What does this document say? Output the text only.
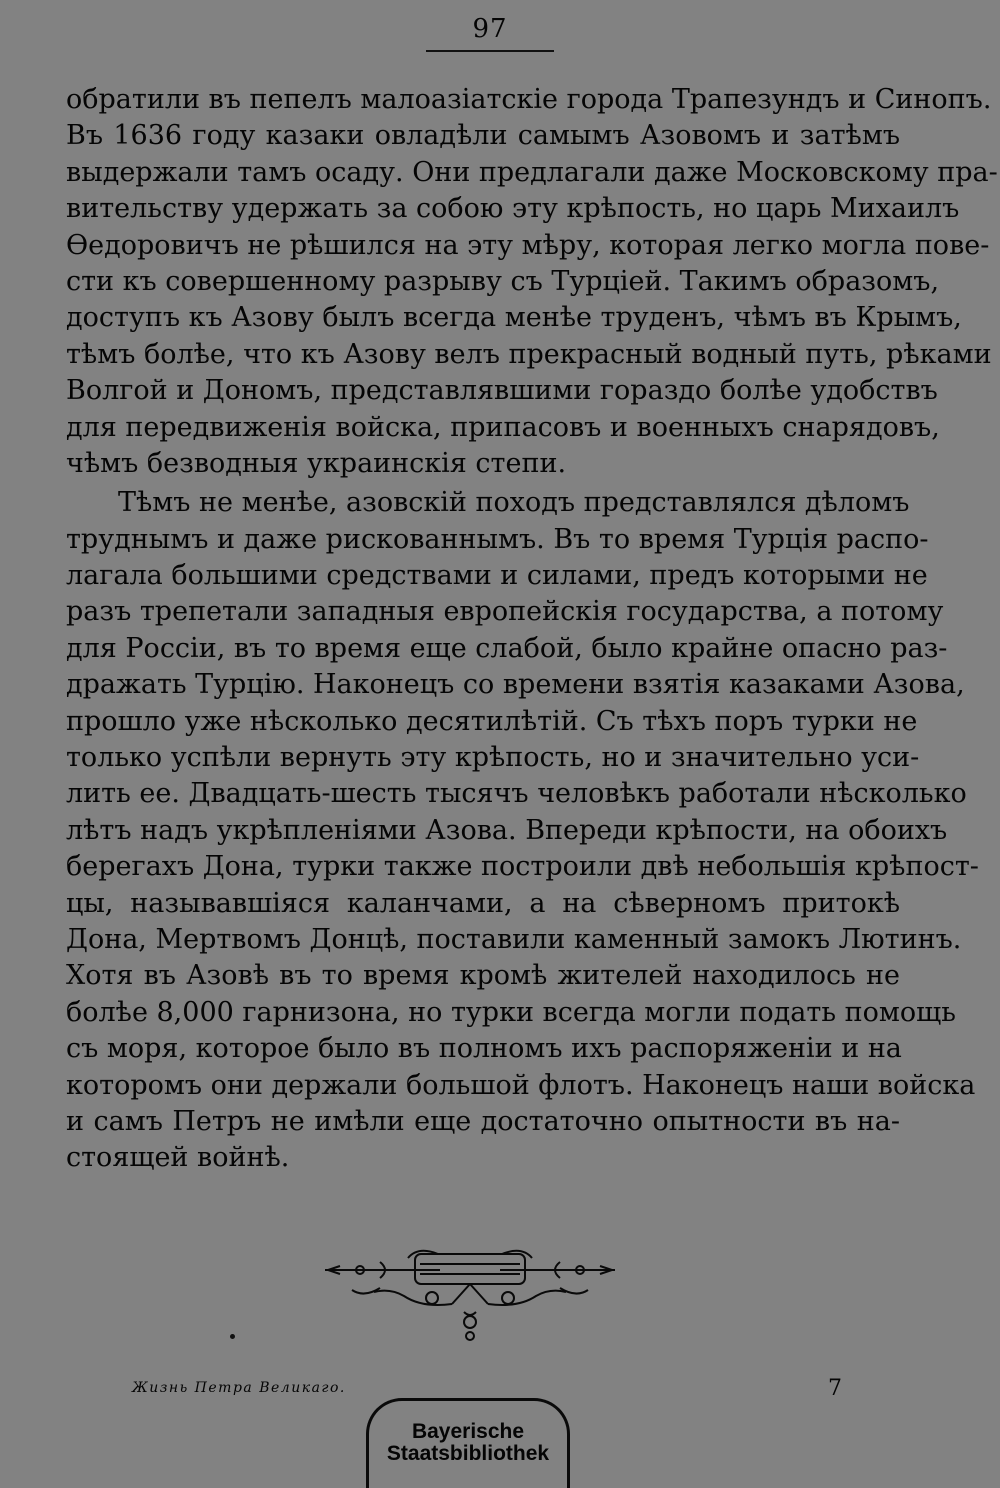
97
обратили въ пепелъ малоазіатскіе города Трапезундъ и Синопъ.
Въ 1636 году казаки овладѣли самымъ Азовомъ и затѣмъ
выдержали тамъ осаду. Они предлагали даже Московскому пра-
вительству удержать за собою эту крѣпость, но царь Михаилъ
Ѳедоровичъ не рѣшился на эту мѣру, которая легко могла пове-
сти къ совершенному разрыву съ Турціей. Такимъ образомъ,
доступъ къ Азову былъ всегда менѣе труденъ, чѣмъ въ Крымъ,
тѣмъ болѣе, что къ Азову велъ прекрасный водный путь, рѣками
Волгой и Дономъ, представлявшими гораздо болѣе удобствъ
для передвиженія войска, припасовъ и военныхъ снарядовъ,
чѣмъ безводныя украинскія степи.
Тѣмъ не менѣе, азовскій походъ представлялся дѣломъ
труднымъ и даже рискованнымъ. Въ то время Турція распо-
лагала большими средствами и силами, предъ которыми не
разъ трепетали западныя европейскія государства, а потому
для Россіи, въ то время еще слабой, было крайне опасно раз-
дражать Турцію. Наконецъ со времени взятія казаками Азова,
прошло уже нѣсколько десятилѣтій. Съ тѣхъ поръ турки не
только успѣли вернуть эту крѣпость, но и значительно уси-
лить ее. Двадцать-шесть тысячъ человѣкъ работали нѣсколько
лѣтъ надъ укрѣпленіями Азова. Впереди крѣпости, на обоихъ
берегахъ Дона, турки также построили двѣ небольшія крѣпост-
цы, называвшіяся каланчами, а на сѣверномъ притокѣ
Дона, Мертвомъ Донцѣ, поставили каменный замокъ Лютинъ.
Хотя въ Азовѣ въ то время кромѣ жителей находилось не
болѣе 8,000 гарнизона, но турки всегда могли подать помощь
съ моря, которое было въ полномъ ихъ распоряженіи и на
которомъ они держали большой флотъ. Наконецъ наши войска
и самъ Петръ не имѣли еще достаточно опытности въ на-
стоящей войнѣ.
Жизнь Петра Великаго.	7
Bayerische
Staatsbibliothek
